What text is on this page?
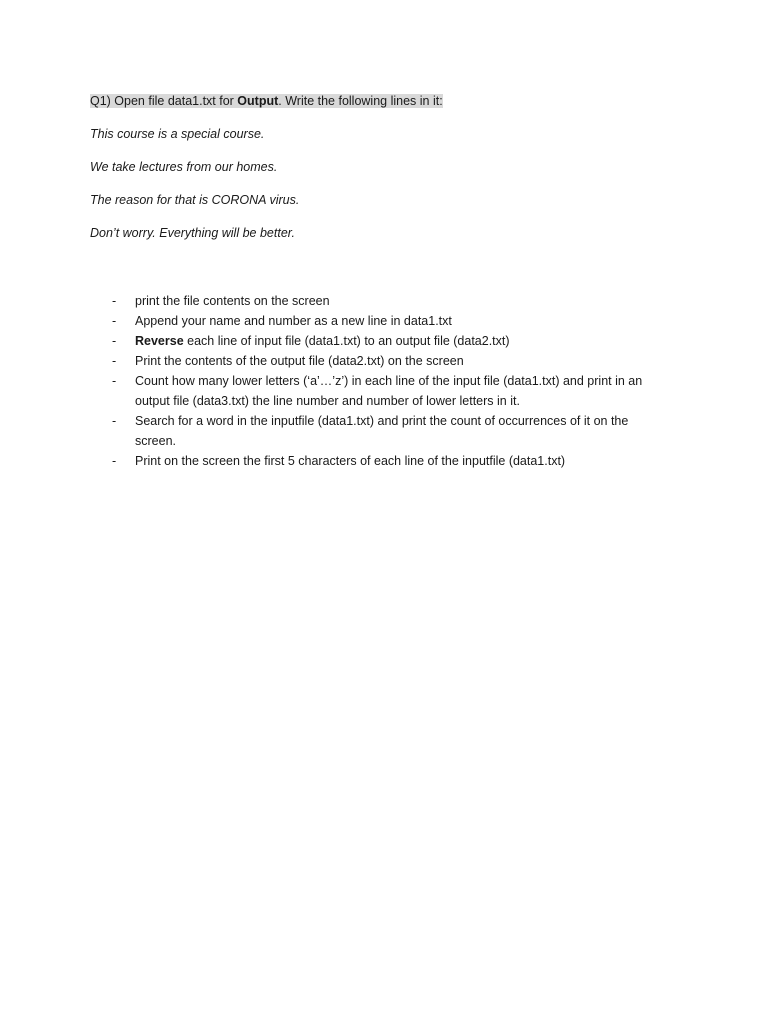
Q1) Open file data1.txt for Output. Write the following lines in it:
This course is a special course.
We take lectures from our homes.
The reason for that is CORONA virus.
Don’t worry. Everything will be better.
-	print the file contents on the screen
-	Append your name and number as a new line in data1.txt
-	Reverse each line of input file (data1.txt) to an output file (data2.txt)
-	Print the contents of the output file (data2.txt) on the screen
-	Count how many lower letters (‘a’…’z’) in each line of the input file (data1.txt) and print in an output file (data3.txt) the line number and number of lower letters in it.
-	Search for a word in the inputfile (data1.txt) and print the count of occurrences of it on the screen.
-	Print on the screen the first 5 characters of each line of the inputfile (data1.txt)
